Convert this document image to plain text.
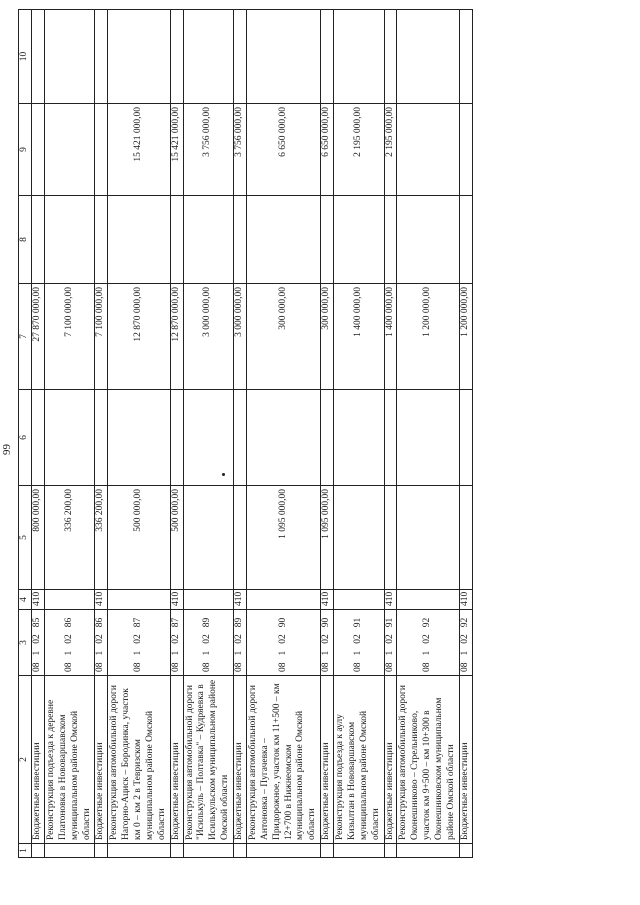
99
1	2	3	4	5	6	7	8	9	10
	Бюджетные инвестиции	0810285	410	800 000,00		27 870 000,00			
	Реконструкция подъезда к деревне Платоновка в Нововаршавском муниципальном районе Омской области	0810286		336 200,00		7 100 000,00			
	Бюджетные инвестиции	0810286	410	336 200,00		7 100 000,00			
	Реконструкция автомобильной дороги Нагорно-Ациск – Бородинка, участок км 0 – км 2 в Тевризском муниципальном районе Омской области	0810287		500 000,00		12 870 000,00		15 421 000,00	
	Бюджетные инвестиции	0810287	410	500 000,00		12 870 000,00		15 421 000,00	
	Реконструкция автомобильной дороги "Исилькуль – Полтавка" – Кудряевка в Исилькульском муниципальном районе Омской области	0810289				3 000 000,00		3 756 000,00	
	Бюджетные инвестиции	0810289	410			3 000 000,00		3 756 000,00	
	Реконструкция автомобильной дороги Антоновка – Пугачевка – Придорожное, участок км 11+500 – км 12+700 в Нижнеомском муниципальном районе Омской области	0810290		1 095 000,00		300 000,00		6 650 000,00	
	Бюджетные инвестиции	0810290	410	1 095 000,00		300 000,00		6 650 000,00	
	Реконструкция подъезда к аулу Кизылтан в Нововаршавском муниципальном районе Омской области	0810291				1 400 000,00		2 195 000,00	
	Бюджетные инвестиции	0810291	410			1 400 000,00		2 195 000,00	
	Реконструкция автомобильной дороги Оконешниково – Стрельниково, участок км 9+500 – км 10+300 в Оконешниковском муниципальном районе Омской области	0810292				1 200 000,00			
	Бюджетные инвестиции	0810292	410			1 200 000,00			
